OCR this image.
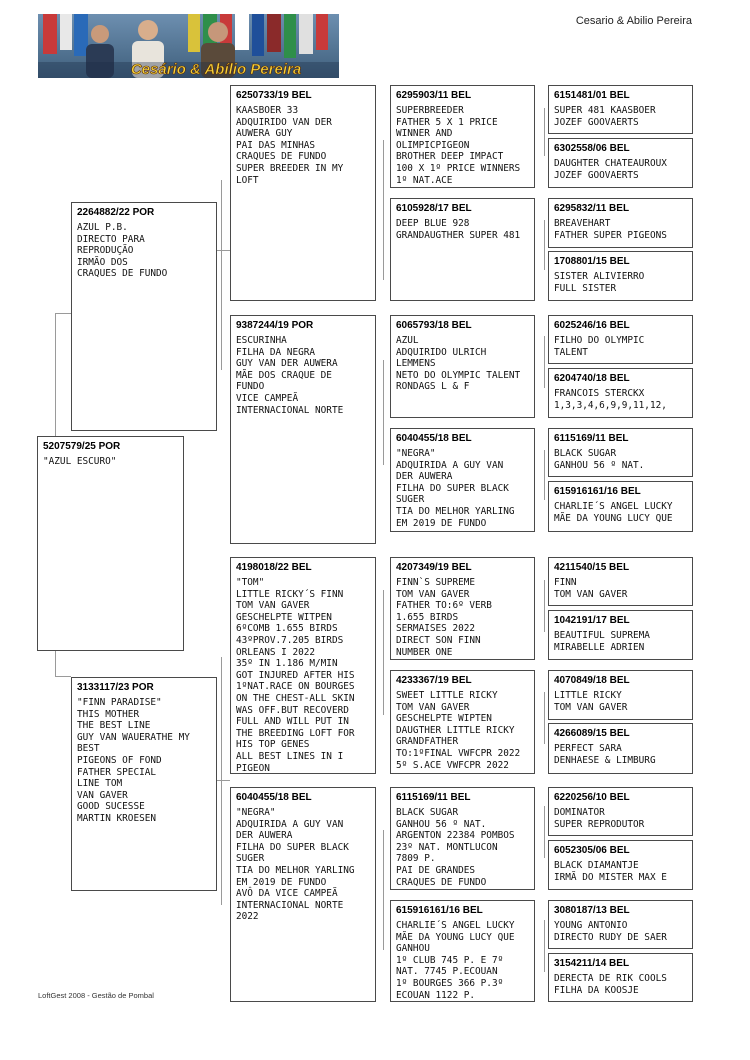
Cesário & Abílio Pereira
Cesario & Abilio Pereira
5207579/25 POR
"AZUL ESCURO"
2264882/22 POR
AZUL P.B.
DIRECTO PARA
REPRODUÇÃO
IRMÃO DOS
CRAQUES DE FUNDO
3133117/23 POR
"FINN PARADISE"
THIS MOTHER
THE BEST LINE
GUY VAN WAUERATHE MY
BEST
PIGEONS OF FOND
FATHER SPECIAL
LINE TOM
VAN GAVER
GOOD SUCESSE
MARTIN KROESEN
6250733/19 BEL
KAASBOER 33
ADQUIRIDO VAN DER
AUWERA GUY
PAI DAS MINHAS
CRAQUES DE FUNDO
SUPER BREEDER IN MY
LOFT
9387244/19 POR
ESCURINHA
FILHA DA NEGRA
GUY VAN DER AUWERA
MÃE DOS CRAQUE DE
FUNDO
VICE CAMPEÃ
INTERNACIONAL NORTE
4198018/22 BEL
"TOM"
LITTLE RICKY´S FINN
TOM VAN GAVER
GESCHELPTE WITPEN
6ºCOMB 1.655 BIRDS
43ºPROV.7.205 BIRDS
ORLEANS I 2022
35º IN 1.186 M/MIN
GOT INJURED AFTER HIS
1ºNAT.RACE ON BOURGES
ON THE CHEST-ALL SKIN
WAS OFF.BUT RECOVERD
FULL AND WILL PUT IN
THE BREEDING LOFT FOR
HIS TOP GENES
ALL BEST LINES IN I
PIGEON
6040455/18 BEL
"NEGRA"
ADQUIRIDA A GUY VAN
DER AUWERA
FILHA DO SUPER BLACK
SUGER
TIA DO MELHOR YARLING
EM 2019 DE FUNDO
AVÔ DA VICE CAMPEÃ
INTERNACIONAL NORTE
2022
6295903/11 BEL
SUPERBREEDER
FATHER 5 X 1 PRICE
WINNER AND
OLIMPICPIGEON
BROTHER DEEP IMPACT
100 X 1º PRICE WINNERS
1º NAT.ACE
6105928/17 BEL
DEEP BLUE 928
GRANDAUGTHER SUPER 481
6065793/18 BEL
AZUL
ADQUIRIDO ULRICH
LEMMENS
NETO DO OLYMPIC TALENT
RONDAGS L & F
6040455/18 BEL
"NEGRA"
ADQUIRIDA A GUY VAN
DER AUWERA
FILHA DO SUPER BLACK
SUGER
TIA DO MELHOR YARLING
EM 2019 DE FUNDO
4207349/19 BEL
FINN`S SUPREME
TOM VAN GAVER
FATHER TO:6º VERB
1.655 BIRDS
SERMAISES 2022
DIRECT SON FINN
NUMBER ONE
4233367/19 BEL
SWEET LITTLE RICKY
TOM VAN GAVER
GESCHELPTE WIPTEN
DAUGTHER LITTLE RICKY
GRANDFATHER
TO:1ºFINAL VWFCPR 2022
5º S.ACE VWFCPR 2022
6115169/11 BEL
BLACK SUGAR
GANHOU 56 º NAT.
ARGENTON 22384 POMBOS
23º NAT. MONTLUCON
7809 P.
PAI DE GRANDES
CRAQUES DE FUNDO
615916161/16 BEL
CHARLIE´S ANGEL LUCKY
MÃE DA YOUNG LUCY QUE
GANHOU
1º CLUB 745 P. E 7º
NAT. 7745 P.ECOUAN
1º BOURGES 366 P.3º
ECOUAN 1122 P.
6151481/01 BEL
SUPER 481 KAASBOER
JOZEF GOOVAERTS
6302558/06 BEL
DAUGHTER CHATEAUROUX
JOZEF GOOVAERTS
6295832/11 BEL
BREAVEHART
FATHER SUPER PIGEONS
1708801/15 BEL
SISTER ALIVIERRO
FULL SISTER
6025246/16 BEL
FILHO DO OLYMPIC
TALENT
6204740/18 BEL
FRANCOIS STERCKX
1,3,3,4,6,9,9,11,12,
6115169/11 BEL
BLACK SUGAR
GANHOU 56 º NAT.
615916161/16 BEL
CHARLIE´S ANGEL LUCKY
MÃE DA YOUNG LUCY QUE
4211540/15 BEL
FINN
TOM VAN GAVER
1042191/17 BEL
BEAUTIFUL SUPREMA
MIRABELLE ADRIEN
4070849/18 BEL
LITTLE RICKY
TOM VAN GAVER
4266089/15 BEL
PERFECT SARA
DENHAESE & LIMBURG
6220256/10 BEL
DOMINATOR
SUPER REPRODUTOR
6052305/06 BEL
BLACK DIAMANTJE
IRMÃ DO MISTER MAX E
3080187/13 BEL
YOUNG ANTONIO
DIRECTO RUDY DE SAER
3154211/14 BEL
DERECTA DE RIK COOLS
FILHA DA KOOSJE
LoftGest 2008 - Gestão de Pombal
